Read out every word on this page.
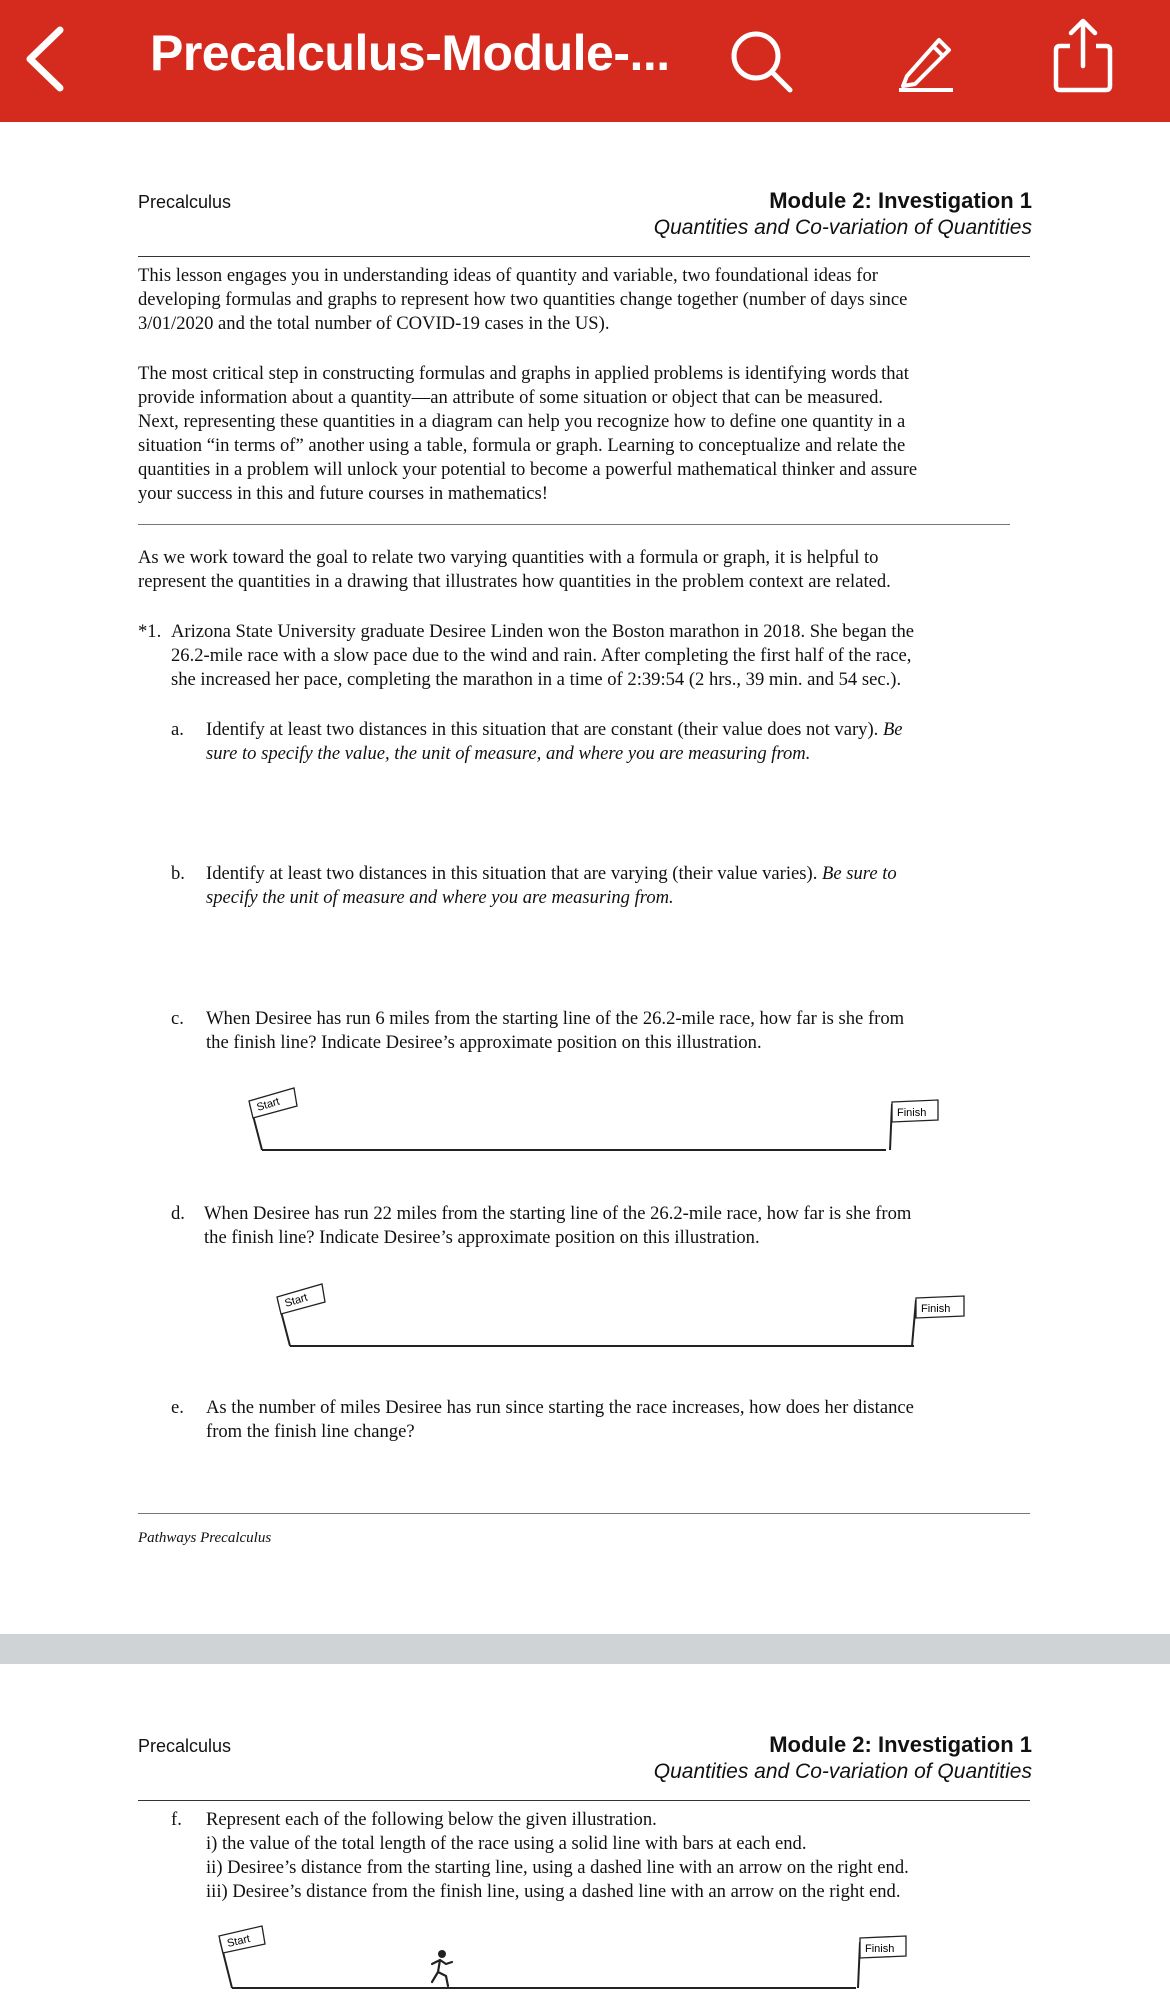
Precalculus-Module-...
Precalculus	Module 2: Investigation 1
Quantities and Co-variation of Quantities
This lesson engages you in understanding ideas of quantity and variable, two foundational ideas for
developing formulas and graphs to represent how two quantities change together (number of days since
3/01/2020 and the total number of COVID-19 cases in the US).
The most critical step in constructing formulas and graphs in applied problems is identifying words that
provide information about a quantity—an attribute of some situation or object that can be measured.
Next, representing these quantities in a diagram can help you recognize how to define one quantity in a
situation “in terms of” another using a table, formula or graph. Learning to conceptualize and relate the
quantities in a problem will unlock your potential to become a powerful mathematical thinker and assure
your success in this and future courses in mathematics!
As we work toward the goal to relate two varying quantities with a formula or graph, it is helpful to
represent the quantities in a drawing that illustrates how quantities in the problem context are related.
*1. Arizona State University graduate Desiree Linden won the Boston marathon in 2018. She began the
26.2-mile race with a slow pace due to the wind and rain. After completing the first half of the race,
she increased her pace, completing the marathon in a time of 2:39:54 (2 hrs., 39 min. and 54 sec.).
a. Identify at least two distances in this situation that are constant (their value does not vary). Be
sure to specify the value, the unit of measure, and where you are measuring from.
b. Identify at least two distances in this situation that are varying (their value varies). Be sure to
specify the unit of measure and where you are measuring from.
c. When Desiree has run 6 miles from the starting line of the 26.2-mile race, how far is she from
the finish line? Indicate Desiree’s approximate position on this illustration.
Start	Finish
d. When Desiree has run 22 miles from the starting line of the 26.2-mile race, how far is she from
the finish line? Indicate Desiree’s approximate position on this illustration.
Start	Finish
e. As the number of miles Desiree has run since starting the race increases, how does her distance
from the finish line change?
Pathways Precalculus
Precalculus	Module 2: Investigation 1
Quantities and Co-variation of Quantities
f. Represent each of the following below the given illustration.
i) the value of the total length of the race using a solid line with bars at each end.
ii) Desiree’s distance from the starting line, using a dashed line with an arrow on the right end.
iii) Desiree’s distance from the finish line, using a dashed line with an arrow on the right end.
Start	Finish
